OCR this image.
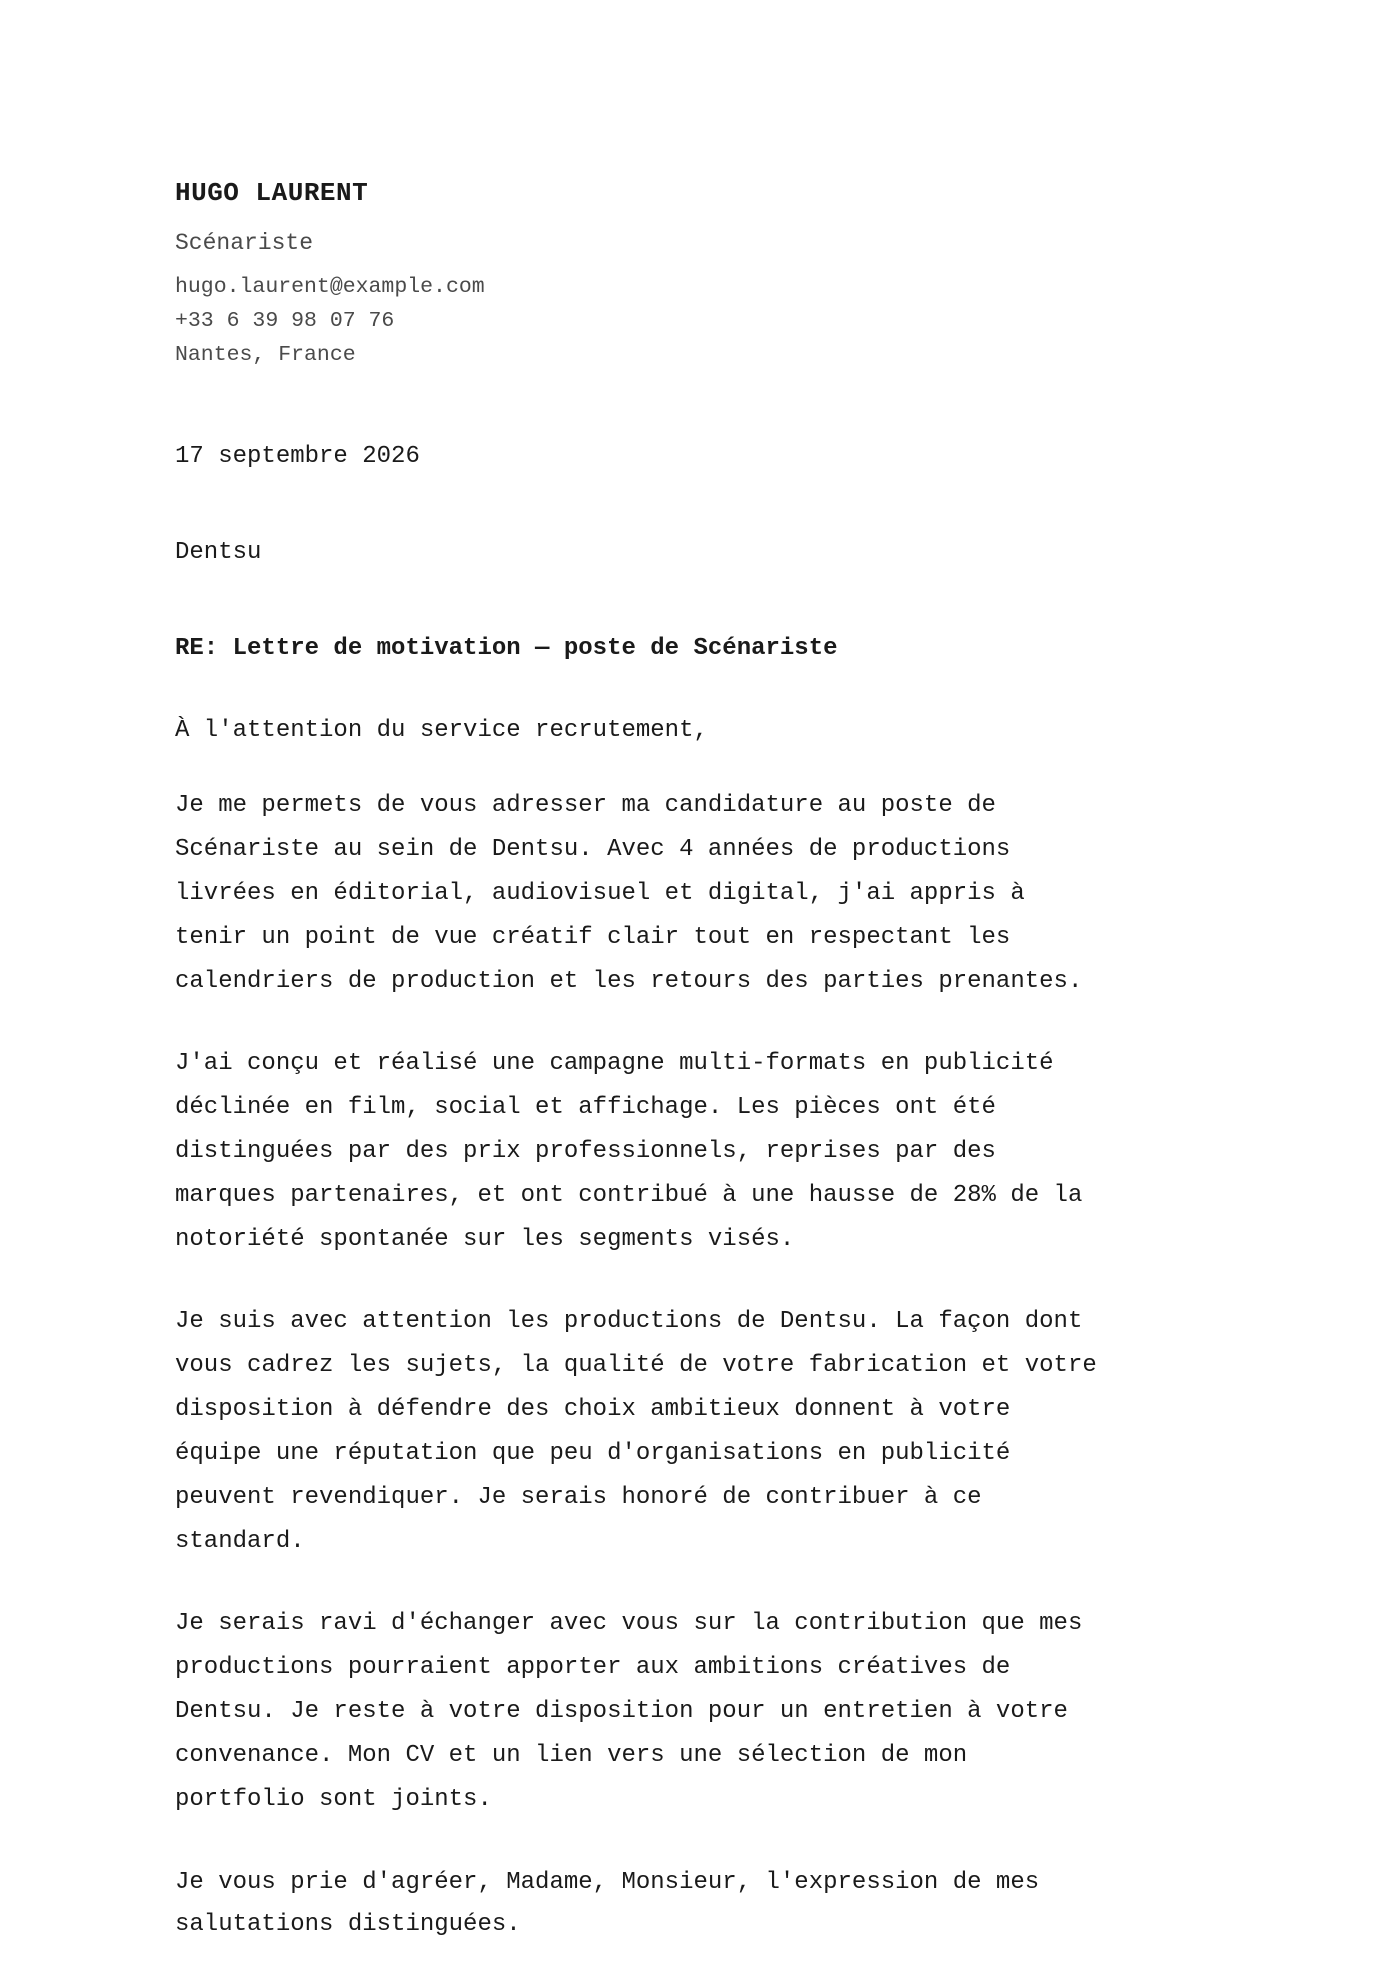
HUGO LAURENT
Scénariste
hugo.laurent@example.com
+33 6 39 98 07 76
Nantes, France
17 septembre 2026
Dentsu
RE: Lettre de motivation — poste de Scénariste
À l'attention du service recrutement,
Je me permets de vous adresser ma candidature au poste de
Scénariste au sein de Dentsu. Avec 4 années de productions
livrées en éditorial, audiovisuel et digital, j'ai appris à
tenir un point de vue créatif clair tout en respectant les
calendriers de production et les retours des parties prenantes.
J'ai conçu et réalisé une campagne multi-formats en publicité
déclinée en film, social et affichage. Les pièces ont été
distinguées par des prix professionnels, reprises par des
marques partenaires, et ont contribué à une hausse de 28% de la
notoriété spontanée sur les segments visés.
Je suis avec attention les productions de Dentsu. La façon dont
vous cadrez les sujets, la qualité de votre fabrication et votre
disposition à défendre des choix ambitieux donnent à votre
équipe une réputation que peu d'organisations en publicité
peuvent revendiquer. Je serais honoré de contribuer à ce
standard.
Je serais ravi d'échanger avec vous sur la contribution que mes
productions pourraient apporter aux ambitions créatives de
Dentsu. Je reste à votre disposition pour un entretien à votre
convenance. Mon CV et un lien vers une sélection de mon
portfolio sont joints.
Je vous prie d'agréer, Madame, Monsieur, l'expression de mes
salutations distinguées.
